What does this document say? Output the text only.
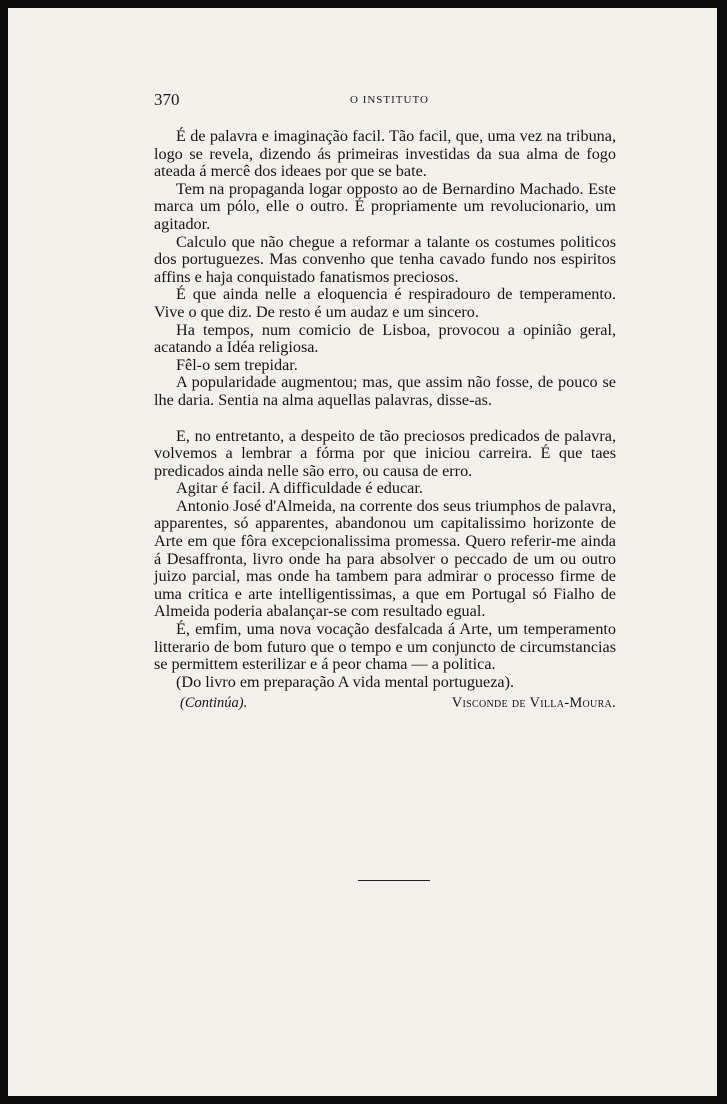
370	O INSTITUTO

É de palavra e imaginação facil. Tão facil, que, uma vez na tribuna, logo se revela, dizendo ás primeiras investidas da sua alma de fogo ateada á mercê dos ideaes por que se bate.

Tem na propaganda logar opposto ao de Bernardino Machado. Este marca um pólo, elle o outro. É propriamente um revolucionario, um agitador.

Calculo que não chegue a reformar a talante os costumes politicos dos portuguezes. Mas convenho que tenha cavado fundo nos espiritos affins e haja conquistado fanatismos preciosos.

É que ainda nelle a eloquencia é respiradouro de temperamento. Vive o que diz. De resto é um audaz e um sincero.

Ha tempos, num comicio de Lisboa, provocou a opinião geral, acatando a Idéa religiosa.

Fêl-o sem trepidar.

A popularidade augmentou; mas, que assim não fosse, de pouco se lhe daria. Sentia na alma aquellas palavras, disse-as.

E, no entretanto, a despeito de tão preciosos predicados de palavra, volvemos a lembrar a fórma por que iniciou carreira. É que taes predicados ainda nelle são erro, ou causa de erro.

Agitar é facil. A difficuldade é educar.

Antonio José d'Almeida, na corrente dos seus triumphos de palavra, apparentes, só apparentes, abandonou um capitalissimo horizonte de Arte em que fôra excepcionalissima promessa. Quero referir-me ainda á Desaffronta, livro onde ha para absolver o peccado de um ou outro juizo parcial, mas onde ha tambem para admirar o processo firme de uma critica e arte intelligentissimas, a que em Portugal só Fialho de Almeida poderia abalançar-se com resultado egual.

É, emfim, uma nova vocação desfalcada á Arte, um temperamento litterario de bom futuro que o tempo e um conjuncto de circumstancias se permittem esterilizar e á peor chama — a politica.

(Do livro em preparação A vida mental portugueza).

(Continúa).	Visconde de Villa-Moura.
